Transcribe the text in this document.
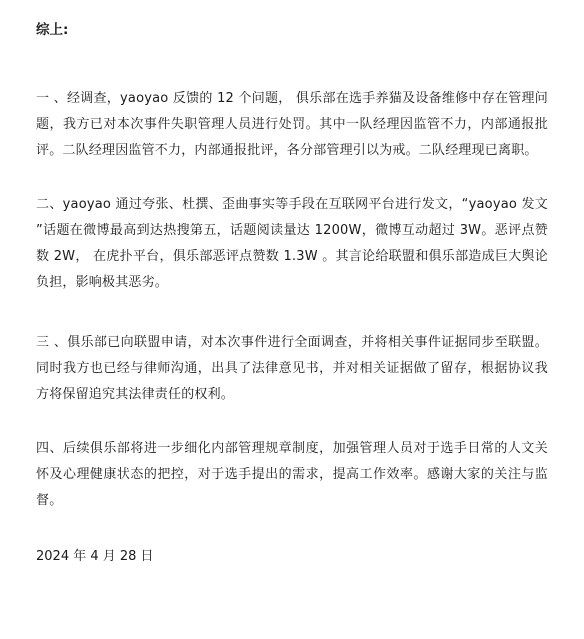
综上:

一 、经调查，yaoyao 反馈的 12 个问题， 俱乐部在选手养猫及设备维修中存在管理问题，我方已对本次事件失职管理人员进行处罚。其中一队经理因监管不力，内部通报批评。二队经理因监管不力，内部通报批评，各分部管理引以为戒。二队经理现已离职。

二、yaoyao 通过夸张、杜撰、歪曲事实等手段在互联网平台进行发文，“yaoyao 发文 ”话题在微博最高到达热搜第五，话题阅读量达 1200W，微博互动超过 3W。恶评点赞数 2W， 在虎扑平台，俱乐部恶评点赞数 1.3W 。其言论给联盟和俱乐部造成巨大舆论负担，影响极其恶劣。

三 、俱乐部已向联盟申请，对本次事件进行全面调查，并将相关事件证据同步至联盟。同时我方也已经与律师沟通，出具了法律意见书，并对相关证据做了留存，根据协议我方将保留追究其法律责任的权利。

四、后续俱乐部将进一步细化内部管理规章制度，加强管理人员对于选手日常的人文关怀及心理健康状态的把控，对于选手提出的需求，提高工作效率。感谢大家的关注与监督。

2024 年 4 月 28 日
